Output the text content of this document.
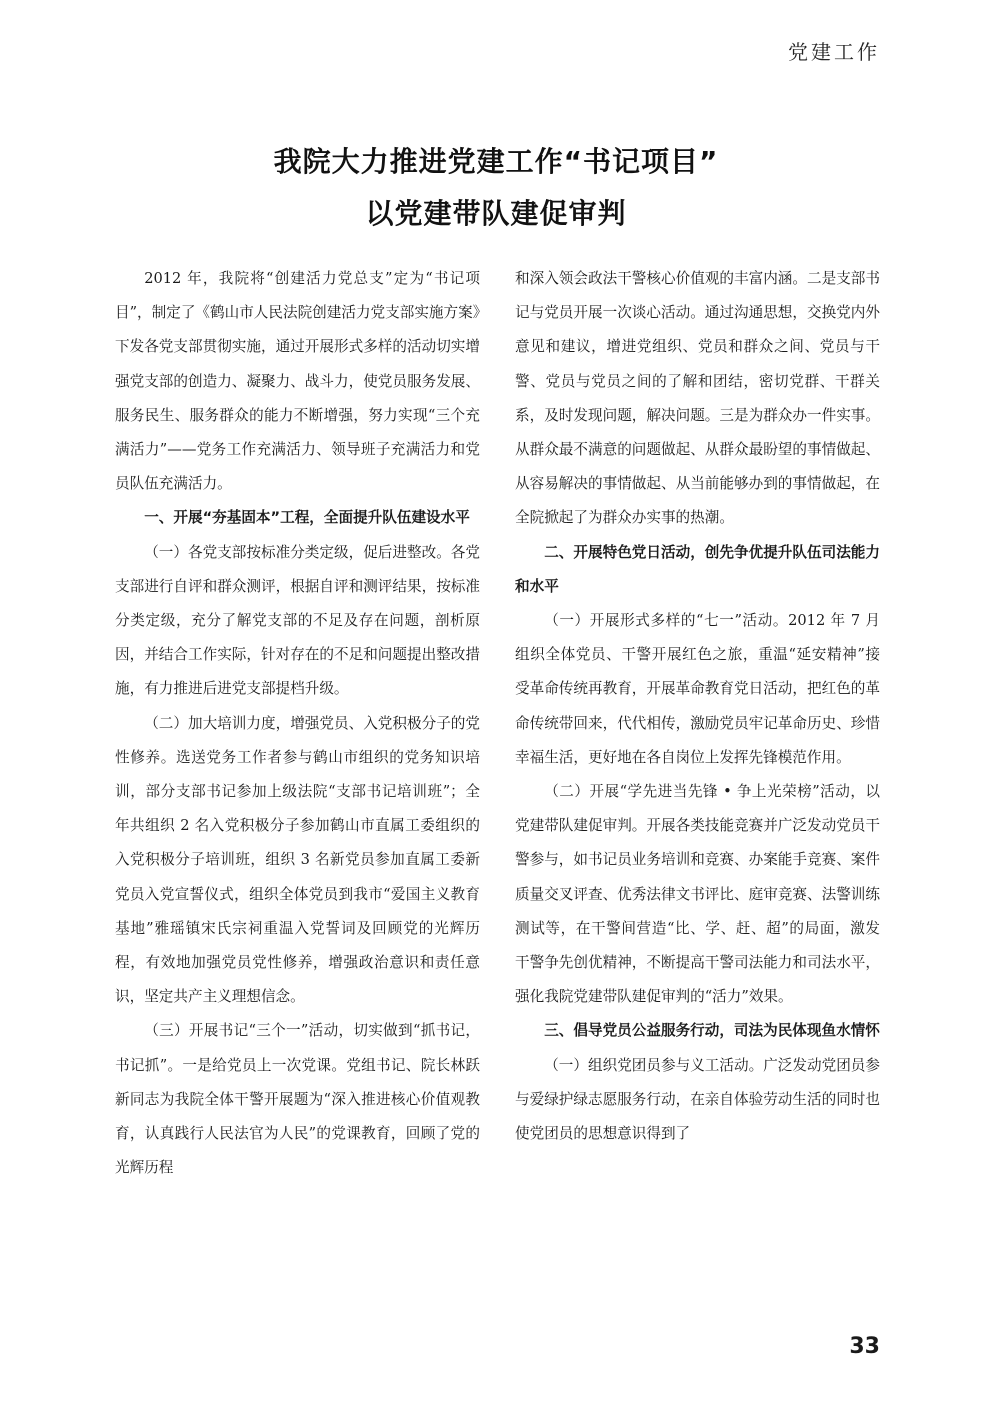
党建工作
我院大力推进党建工作“书记项目”
以党建带队建促审判

2012 年，我院将“创建活力党总支”定为“书记项目”，制定了《鹤山市人民法院创建活力党支部实施方案》下发各党支部贯彻实施，通过开展形式多样的活动切实增强党支部的创造力、凝聚力、战斗力，使党员服务发展、服务民生、服务群众的能力不断增强，努力实现“三个充满活力”——党务工作充满活力、领导班子充满活力和党员队伍充满活力。

一、开展“夯基固本”工程，全面提升队伍建设水平

（一）各党支部按标准分类定级，促后进整改。各党支部进行自评和群众测评，根据自评和测评结果，按标准分类定级，充分了解党支部的不足及存在问题，剖析原因，并结合工作实际，针对存在的不足和问题提出整改措施，有力推进后进党支部提档升级。

（二）加大培训力度，增强党员、入党积极分子的党性修养。选送党务工作者参与鹤山市组织的党务知识培训，部分支部书记参加上级法院“支部书记培训班”；全年共组织 2 名入党积极分子参加鹤山市直属工委组织的入党积极分子培训班，组织 3 名新党员参加直属工委新党员入党宣誓仪式，组织全体党员到我市“爱国主义教育基地”雅瑶镇宋氏宗祠重温入党誓词及回顾党的光辉历程，有效地加强党员党性修养，增强政治意识和责任意识，坚定共产主义理想信念。

（三）开展书记“三个一”活动，切实做到“抓书记，书记抓”。一是给党员上一次党课。党组书记、院长林跃新同志为我院全体干警开展题为“深入推进核心价值观教育，认真践行人民法官为人民”的党课教育，回顾了党的光辉历程

和深入领会政法干警核心价值观的丰富内涵。二是支部书记与党员开展一次谈心活动。通过沟通思想，交换党内外意见和建议，增进党组织、党员和群众之间、党员与干警、党员与党员之间的了解和团结，密切党群、干群关系，及时发现问题，解决问题。三是为群众办一件实事。从群众最不满意的问题做起、从群众最盼望的事情做起、从容易解决的事情做起、从当前能够办到的事情做起，在全院掀起了为群众办实事的热潮。

二、开展特色党日活动，创先争优提升队伍司法能力和水平

（一）开展形式多样的“七一”活动。2012 年 7 月组织全体党员、干警开展红色之旅，重温“延安精神”接受革命传统再教育，开展革命教育党日活动，把红色的革命传统带回来，代代相传，激励党员牢记革命历史、珍惜幸福生活，更好地在各自岗位上发挥先锋模范作用。

（二）开展“学先进当先锋 • 争上光荣榜”活动，以党建带队建促审判。开展各类技能竞赛并广泛发动党员干警参与，如书记员业务培训和竞赛、办案能手竞赛、案件质量交叉评查、优秀法律文书评比、庭审竞赛、法警训练测试等，在干警间营造“比、学、赶、超”的局面，激发干警争先创优精神，不断提高干警司法能力和司法水平，强化我院党建带队建促审判的“活力”效果。

三、倡导党员公益服务行动，司法为民体现鱼水情怀

（一）组织党团员参与义工活动。广泛发动党团员参与爱绿护绿志愿服务行动，在亲自体验劳动生活的同时也使党团员的思想意识得到了

33
